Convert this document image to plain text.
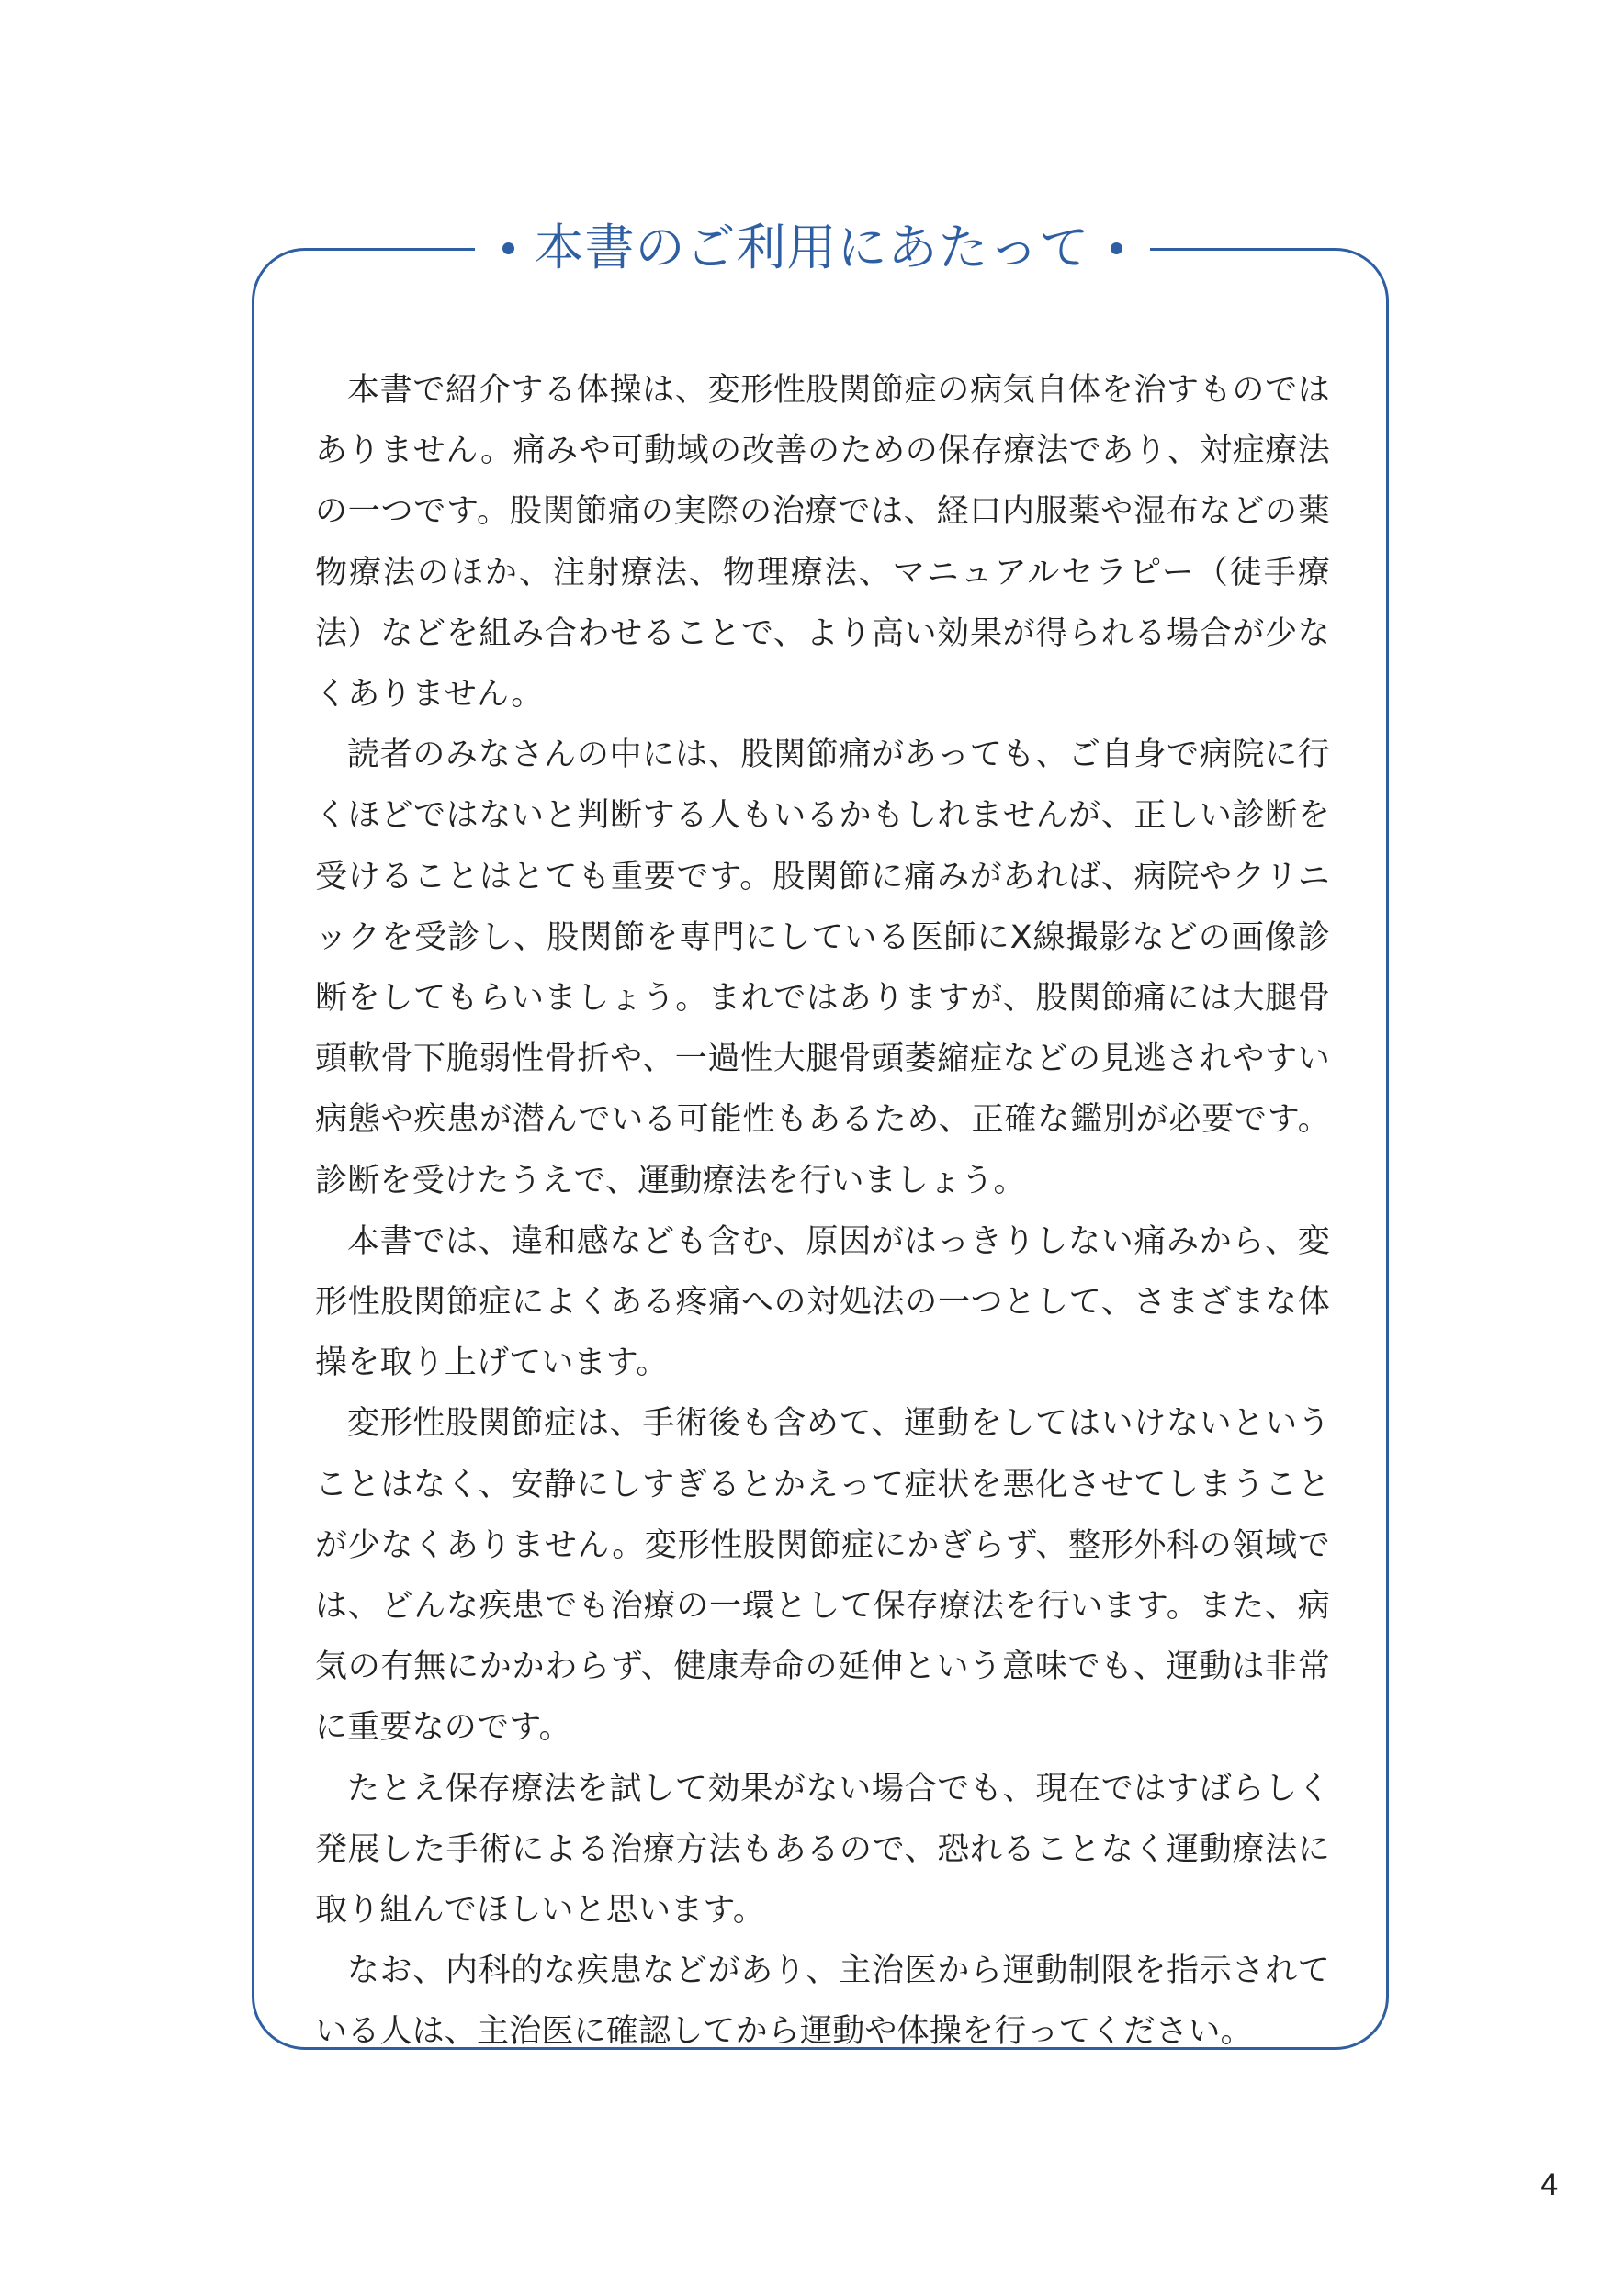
本書のご利用にあたって

本書で紹介する体操は、変形性股関節症の病気自体を治すものではありません。痛みや可動域の改善のための保存療法であり、対症療法の一つです。股関節痛の実際の治療では、経口内服薬や湿布などの薬物療法のほか、注射療法、物理療法、マニュアルセラピー（徒手療法）などを組み合わせることで、より高い効果が得られる場合が少なくありません。

読者のみなさんの中には、股関節痛があっても、ご自身で病院に行くほどではないと判断する人もいるかもしれませんが、正しい診断を受けることはとても重要です。股関節に痛みがあれば、病院やクリニックを受診し、股関節を専門にしている医師にX線撮影などの画像診断をしてもらいましょう。まれではありますが、股関節痛には大腿骨頭軟骨下脆弱性骨折や、一過性大腿骨頭萎縮症などの見逃されやすい病態や疾患が潜んでいる可能性もあるため、正確な鑑別が必要です。診断を受けたうえで、運動療法を行いましょう。

本書では、違和感なども含む、原因がはっきりしない痛みから、変形性股関節症によくある疼痛への対処法の一つとして、さまざまな体操を取り上げています。

変形性股関節症は、手術後も含めて、運動をしてはいけないということはなく、安静にしすぎるとかえって症状を悪化させてしまうことが少なくありません。変形性股関節症にかぎらず、整形外科の領域では、どんな疾患でも治療の一環として保存療法を行います。また、病気の有無にかかわらず、健康寿命の延伸という意味でも、運動は非常に重要なのです。

たとえ保存療法を試して効果がない場合でも、現在ではすばらしく発展した手術による治療方法もあるので、恐れることなく運動療法に取り組んでほしいと思います。

なお、内科的な疾患などがあり、主治医から運動制限を指示されている人は、主治医に確認してから運動や体操を行ってください。

4
